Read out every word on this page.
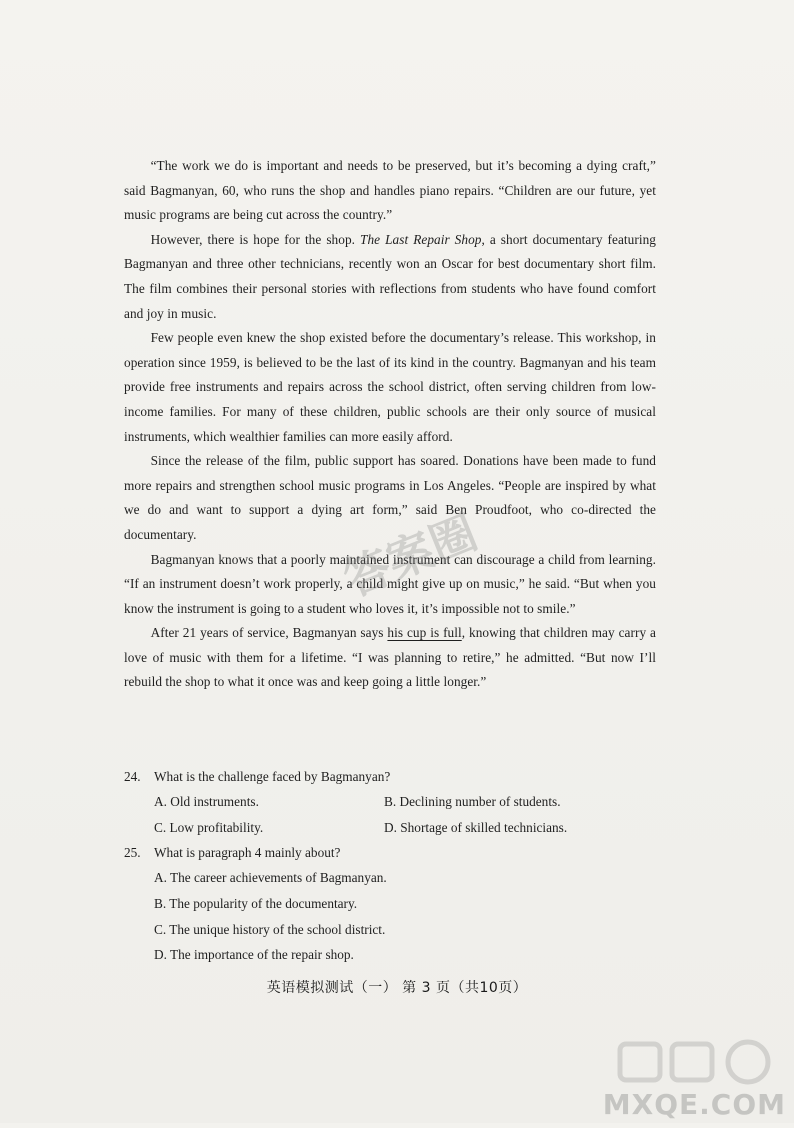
“The work we do is important and needs to be preserved, but it’s becoming a dying craft,” said Bagmanyan, 60, who runs the shop and handles piano repairs. “Children are our future, yet music programs are being cut across the country.”

However, there is hope for the shop. The Last Repair Shop, a short documentary featuring Bagmanyan and three other technicians, recently won an Oscar for best documentary short film. The film combines their personal stories with reflections from students who have found comfort and joy in music.

Few people even knew the shop existed before the documentary’s release. This workshop, in operation since 1959, is believed to be the last of its kind in the country. Bagmanyan and his team provide free instruments and repairs across the school district, often serving children from low-income families. For many of these children, public schools are their only source of musical instruments, which wealthier families can more easily afford.

Since the release of the film, public support has soared. Donations have been made to fund more repairs and strengthen school music programs in Los Angeles. “People are inspired by what we do and want to support a dying art form,” said Ben Proudfoot, who co-directed the documentary.

Bagmanyan knows that a poorly maintained instrument can discourage a child from learning. “If an instrument doesn’t work properly, a child might give up on music,” he said. “But when you know the instrument is going to a student who loves it, it’s impossible not to smile.”

After 21 years of service, Bagmanyan says his cup is full, knowing that children may carry a love of music with them for a lifetime. “I was planning to retire,” he admitted. “But now I’ll rebuild the shop to what it once was and keep going a little longer.”

24. What is the challenge faced by Bagmanyan?

A. Old instruments.	B. Declining number of students.
C. Low profitability.	D. Shortage of skilled technicians.

25. What is paragraph 4 mainly about?

A. The career achievements of Bagmanyan.
B. The popularity of the documentary.
C. The unique history of the school district.
D. The importance of the repair shop.
英语模拟测试（一） 第 3 页（共10页）
答案圈
MXQE.COM
